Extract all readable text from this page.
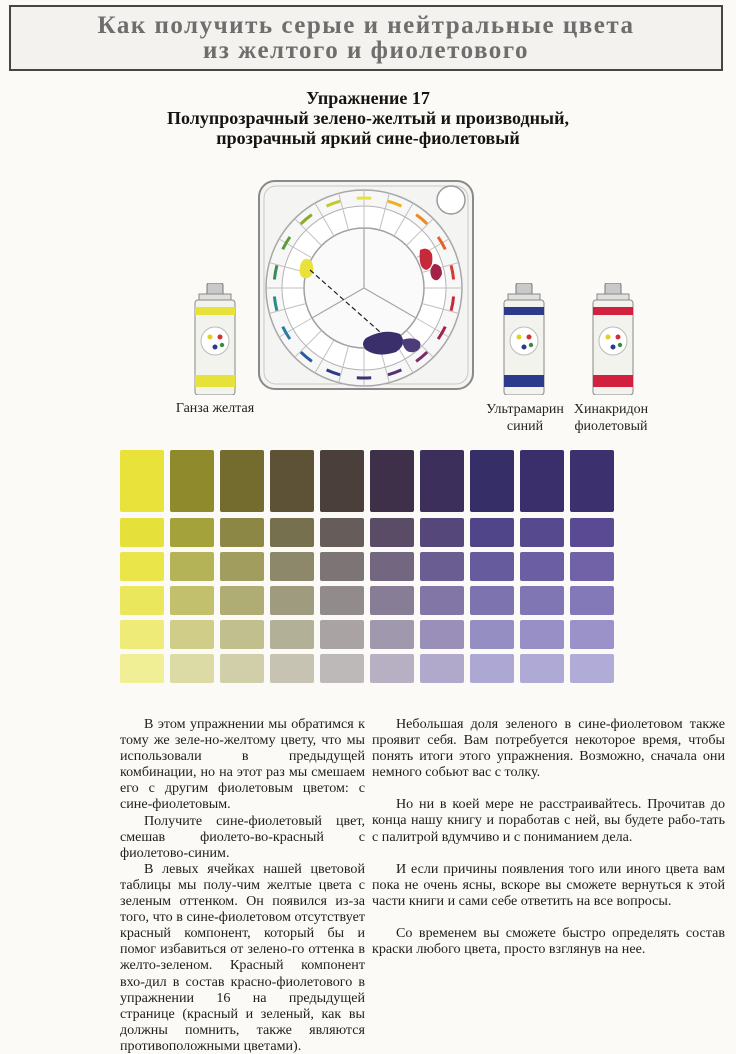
Как получить серые и нейтральные цвета
из желтого и фиолетового
Упражнение 17
Полупрозрачный зелено-желтый и производный,
прозрачный яркий сине-фиолетовый
Ганза желтая	Ультрамарин
синий
Хинакридон
фиолетовый

В этом упражнении мы обратимся к тому же зеле-но-желтому цвету, что мы использовали в предыдущей комбинации, но на этот раз мы смешаем его с другим фиолетовым цветом: с сине-фиолетовым.

Получите сине-фиолетовый цвет, смешав фиолето-во-красный с фиолетово-синим.

В левых ячейках нашей цветовой таблицы мы полу-чим желтые цвета с зеленым оттенком. Он появился из-за того, что в сине-фиолетовом отсутствует красный компонент, который бы и помог избавиться от зелено-го оттенка в желто-зеленом. Красный компонент вхо-дил в состав красно-фиолетового в упражнении 16 на предыдущей странице (красный и зеленый, как вы должны помнить, также являются противоположными цветами).

Небольшая доля зеленого в сине-фиолетовом также проявит себя. Вам потребуется некоторое время, чтобы понять итоги этого упражнения. Возможно, сначала они немного собьют вас с толку.

Но ни в коей мере не расстраивайтесь. Прочитав до конца нашу книгу и поработав с ней, вы будете рабо-тать с палитрой вдумчиво и с пониманием дела.

И если причины появления того или иного цвета вам пока не очень ясны, вскоре вы сможете вернуться к этой части книги и сами себе ответить на все вопросы.

Со временем вы сможете быстро определять состав краски любого цвета, просто взглянув на нее.
